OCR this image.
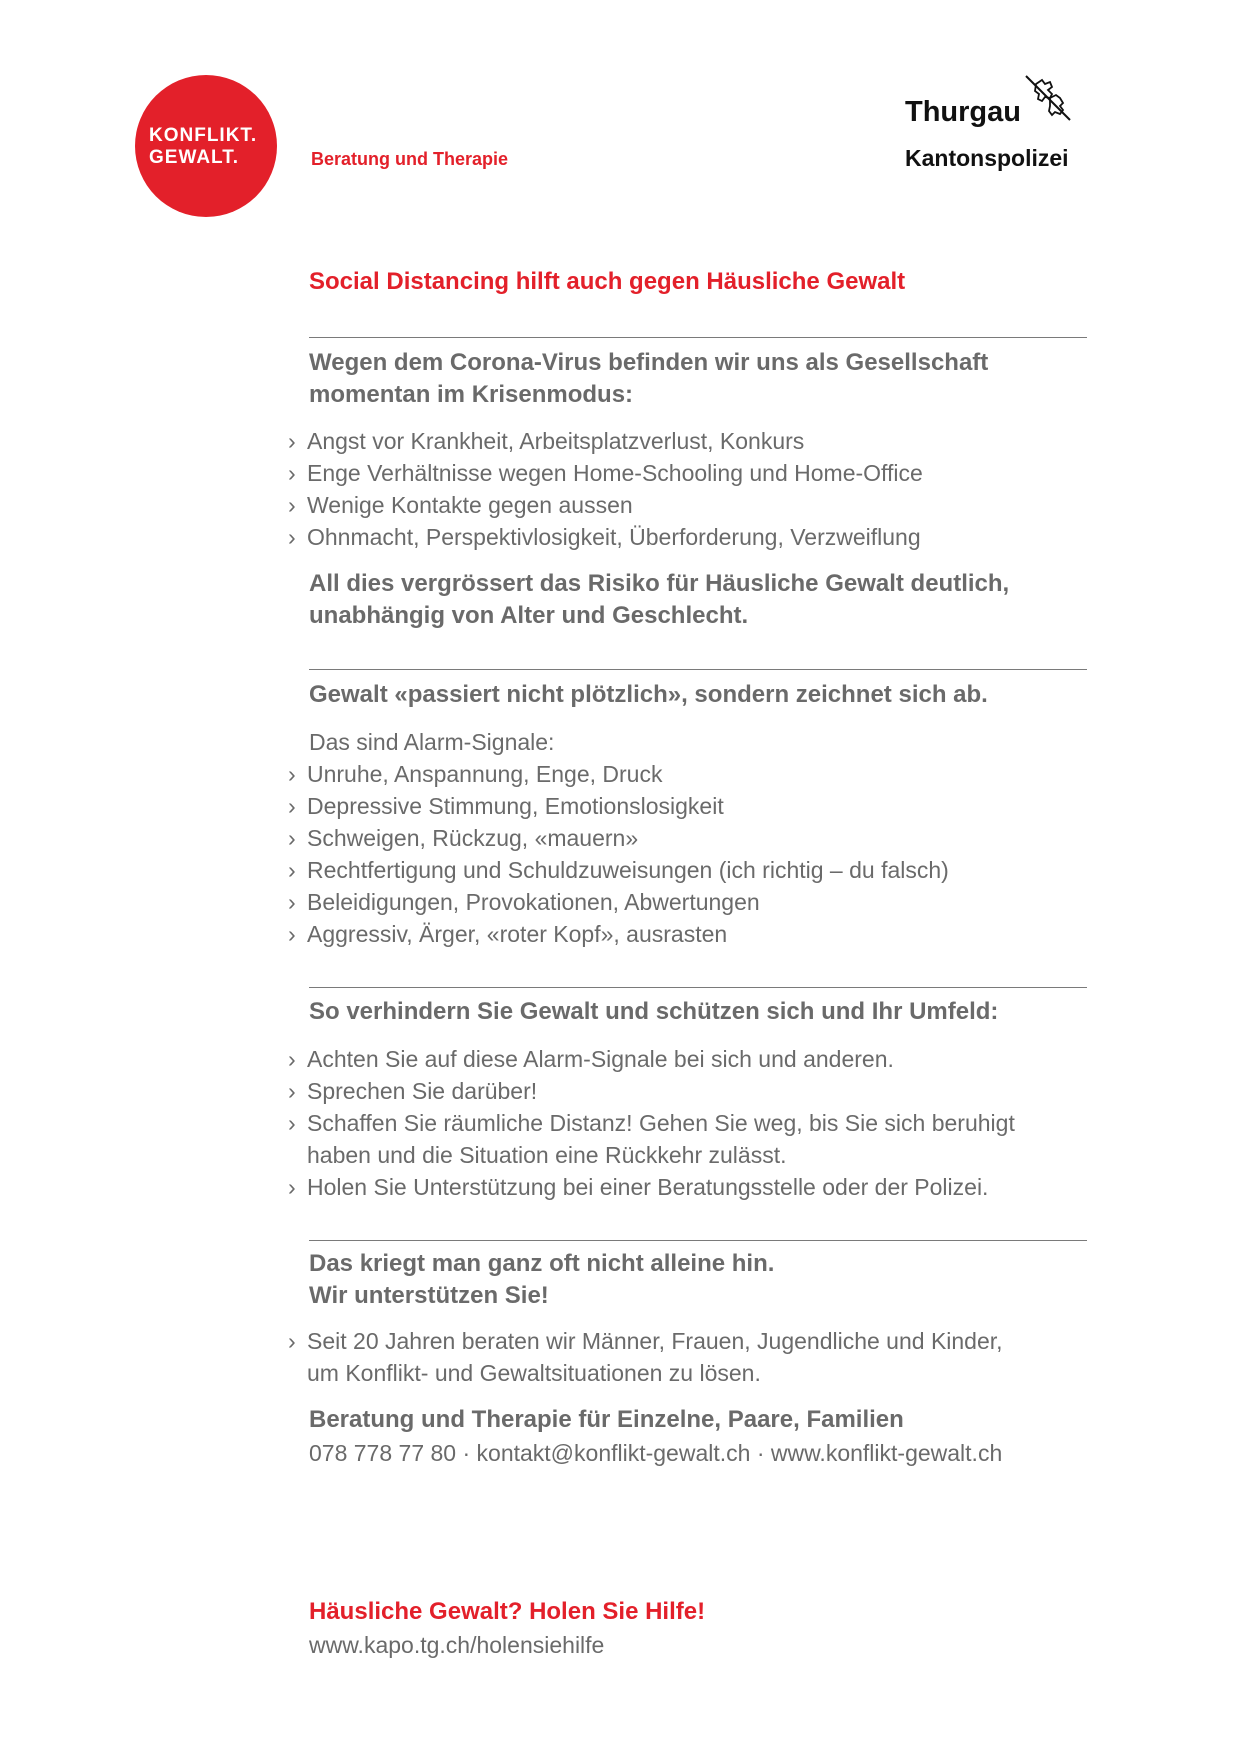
KONFLIKT.
GEWALT.	Beratung und Therapie
Thurgau
Kantonspolizei
Social Distancing hilft auch gegen Häusliche Gewalt
Wegen dem Corona-Virus befinden wir uns als Gesellschaft
momentan im Krisenmodus:
› Angst vor Krankheit, Arbeitsplatzverlust, Konkurs
› Enge Verhältnisse wegen Home-Schooling und Home-Office
› Wenige Kontakte gegen aussen
› Ohnmacht, Perspektivlosigkeit, Überforderung, Verzweiflung
All dies vergrössert das Risiko für Häusliche Gewalt deutlich,
unabhängig von Alter und Geschlecht.
Gewalt «passiert nicht plötzlich», sondern zeichnet sich ab.
Das sind Alarm-Signale:
› Unruhe, Anspannung, Enge, Druck
› Depressive Stimmung, Emotionslosigkeit
› Schweigen, Rückzug, «mauern»
› Rechtfertigung und Schuldzuweisungen (ich richtig – du falsch)
› Beleidigungen, Provokationen, Abwertungen
› Aggressiv, Ärger, «roter Kopf», ausrasten
So verhindern Sie Gewalt und schützen sich und Ihr Umfeld:
› Achten Sie auf diese Alarm-Signale bei sich und anderen.
› Sprechen Sie darüber!
› Schaffen Sie räumliche Distanz! Gehen Sie weg, bis Sie sich beruhigt
haben und die Situation eine Rückkehr zulässt.
› Holen Sie Unterstützung bei einer Beratungsstelle oder der Polizei.
Das kriegt man ganz oft nicht alleine hin.
Wir unterstützen Sie!
› Seit 20 Jahren beraten wir Männer, Frauen, Jugendliche und Kinder,
um Konflikt- und Gewaltsituationen zu lösen.
Beratung und Therapie für Einzelne, Paare, Familien
078 778 77 80 · kontakt@konflikt-gewalt.ch · www.konflikt-gewalt.ch
Häusliche Gewalt? Holen Sie Hilfe!
www.kapo.tg.ch/holensiehilfe
